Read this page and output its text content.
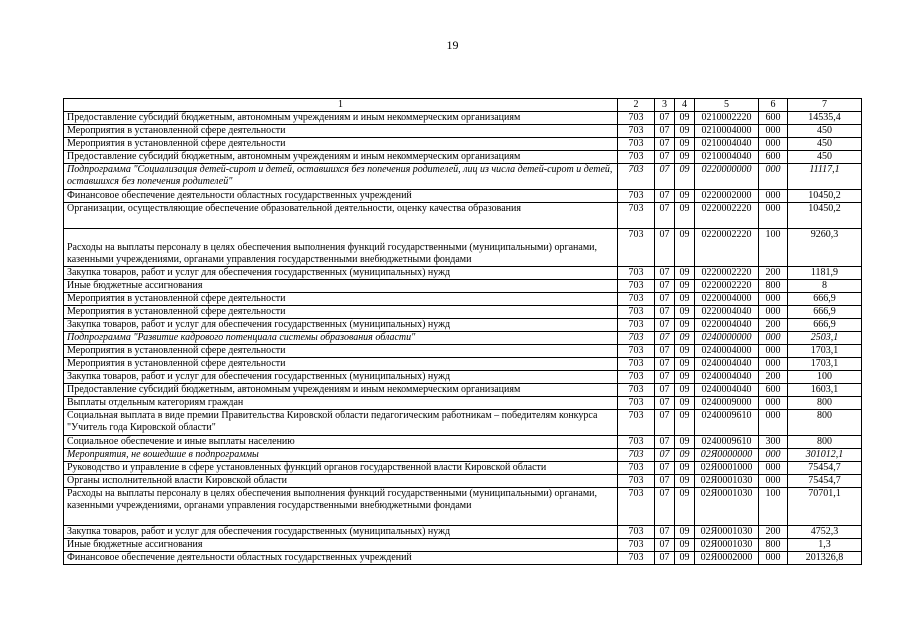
19
1	2	3	4	5	6	7
Предоставление субсидий бюджетным, автономным учреждениям и иным некоммерческим организациям	703	07	09	0210002220	600	14535,4
Мероприятия в установленной сфере деятельности	703	07	09	0210004000	000	450
Мероприятия в установленной сфере деятельности	703	07	09	0210004040	000	450
Предоставление субсидий бюджетным, автономным учреждениям и иным некоммерческим организациям	703	07	09	0210004040	600	450
Подпрограмма "Социализация детей-сирот и детей, оставшихся без попечения родителей, лиц из числа детей-сирот и детей, оставшихся без попечения родителей"	703	07	09	0220000000	000	11117,1
Финансовое обеспечение деятельности областных государственных учреждений	703	07	09	0220002000	000	10450,2
Организации, осуществляющие обеспечение образовательной деятельности, оценку качества образования	703	07	09	0220002220	000	10450,2
Расходы на выплаты персоналу в целях обеспечения выполнения функций государственными (муниципальными) органами, казенными учреждениями, органами управления государственными внебюджетными фондами	703	07	09	0220002220	100	9260,3
Закупка товаров, работ и услуг для обеспечения государственных (муниципальных) нужд	703	07	09	0220002220	200	1181,9
Иные бюджетные ассигнования	703	07	09	0220002220	800	8
Мероприятия в установленной сфере деятельности	703	07	09	0220004000	000	666,9
Мероприятия в установленной сфере деятельности	703	07	09	0220004040	000	666,9
Закупка товаров, работ и услуг для обеспечения государственных (муниципальных) нужд	703	07	09	0220004040	200	666,9
Подпрограмма "Развитие кадрового потенциала системы образования области"	703	07	09	0240000000	000	2503,1
Мероприятия в установленной сфере деятельности	703	07	09	0240004000	000	1703,1
Мероприятия в установленной сфере деятельности	703	07	09	0240004040	000	1703,1
Закупка товаров, работ и услуг для обеспечения государственных (муниципальных) нужд	703	07	09	0240004040	200	100
Предоставление субсидий бюджетным, автономным учреждениям и иным некоммерческим организациям	703	07	09	0240004040	600	1603,1
Выплаты отдельным категориям граждан	703	07	09	0240009000	000	800
Социальная выплата в виде премии Правительства Кировской области педагогическим работникам – победителям конкурса "Учитель года Кировской области"	703	07	09	0240009610	000	800
Социальное обеспечение и иные выплаты населению	703	07	09	0240009610	300	800
Мероприятия, не вошедшие в подпрограммы	703	07	09	02Я0000000	000	301012,1
Руководство и управление в сфере установленных функций органов государственной власти Кировской области	703	07	09	02Я0001000	000	75454,7
Органы исполнительной власти Кировской области	703	07	09	02Я0001030	000	75454,7
Расходы на выплаты персоналу в целях обеспечения выполнения функций государственными (муниципальными) органами, казенными учреждениями, органами управления государственными внебюджетными фондами	703	07	09	02Я0001030	100	70701,1
Закупка товаров, работ и услуг для обеспечения государственных (муниципальных) нужд	703	07	09	02Я0001030	200	4752,3
Иные бюджетные ассигнования	703	07	09	02Я0001030	800	1,3
Финансовое обеспечение деятельности областных государственных учреждений	703	07	09	02Я0002000	000	201326,8
